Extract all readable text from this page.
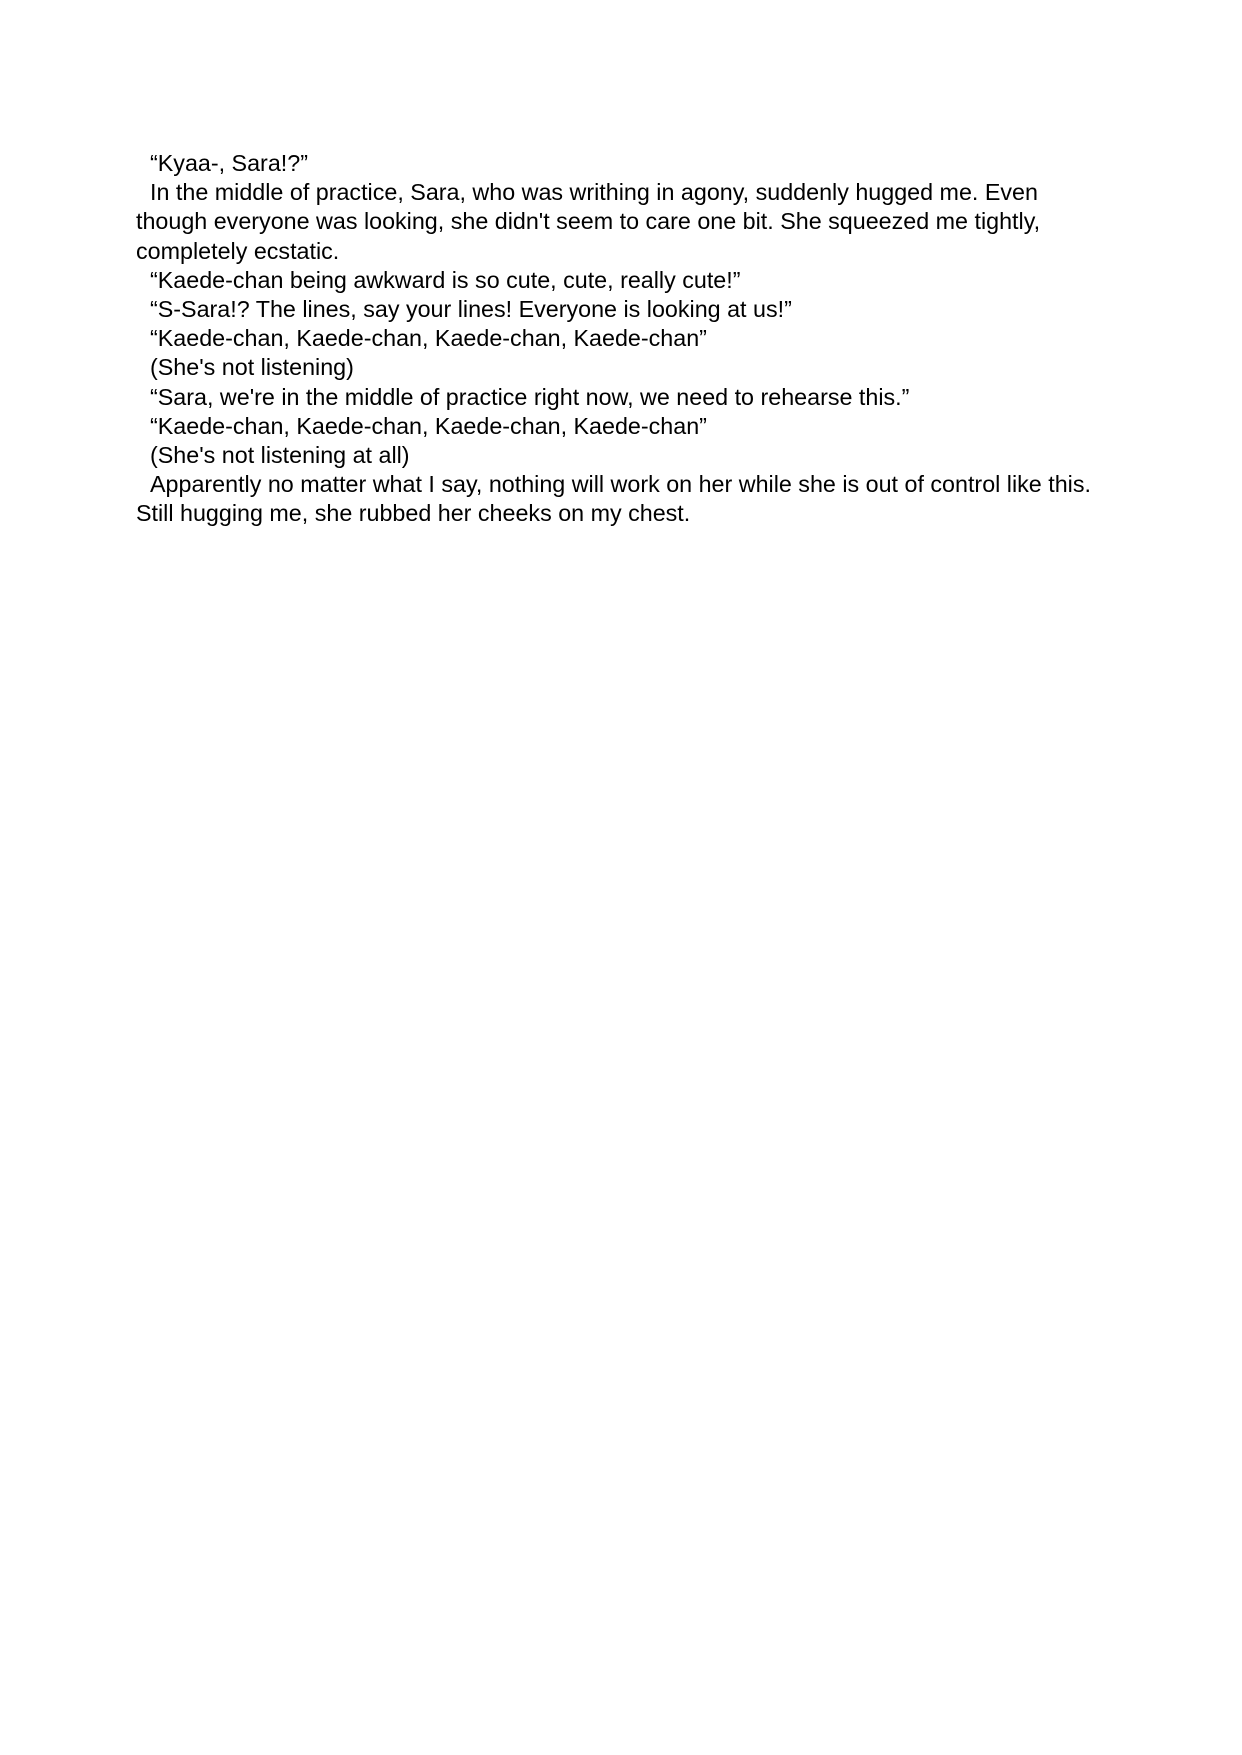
“Kyaa-, Sara!?”

In the middle of practice, Sara, who was writhing in agony, suddenly hugged me. Even though everyone was looking, she didn't seem to care one bit. She squeezed me tightly, completely ecstatic.

“Kaede-chan being awkward is so cute, cute, really cute!”

“S-Sara!? The lines, say your lines! Everyone is looking at us!”

“Kaede-chan, Kaede-chan, Kaede-chan, Kaede-chan”

(She's not listening)

“Sara, we're in the middle of practice right now, we need to rehearse this.”

“Kaede-chan, Kaede-chan, Kaede-chan, Kaede-chan”

(She's not listening at all)

Apparently no matter what I say, nothing will work on her while she is out of control like this. Still hugging me, she rubbed her cheeks on my chest.
